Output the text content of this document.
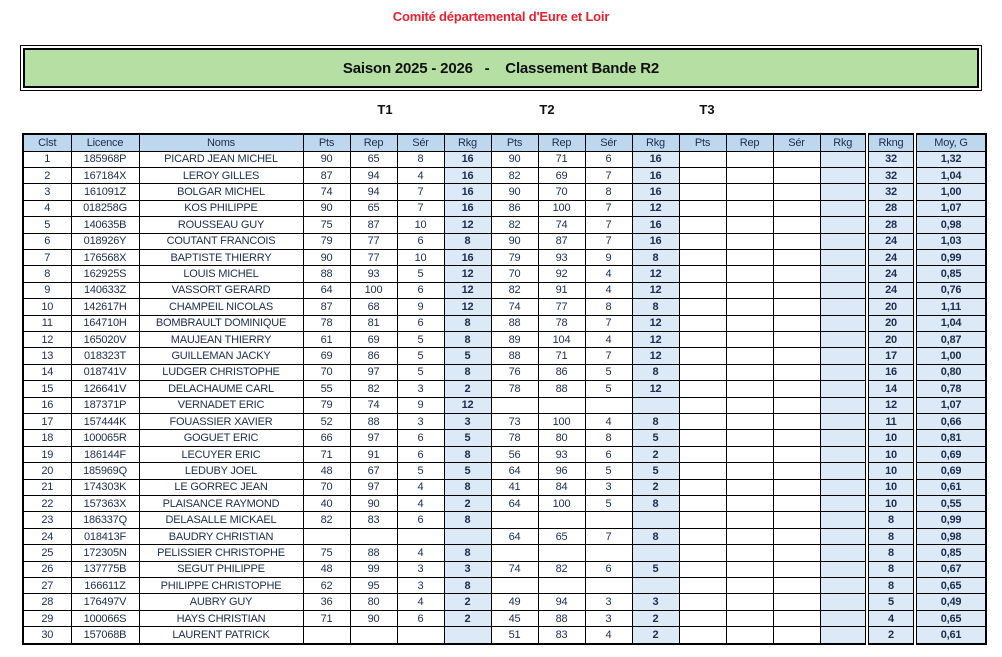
Comité départemental d'Eure et Loir
Saison 2025 - 2026   -    Classement Bande R2
T1	T2	T3
Clst	Licence	Noms	Pts	Rep	Sér	Rkg	Pts	Rep	Sér	Rkg	Pts	Rep	Sér	Rkg	Rkng	Moy, G
1	185968P	PICARD JEAN MICHEL	90	65	8	16	90	71	6	16					32	1,32
2	167184X	LEROY GILLES	87	94	4	16	82	69	7	16					32	1,04
3	161091Z	BOLGAR MICHEL	74	94	7	16	90	70	8	16					32	1,00
4	018258G	KOS PHILIPPE	90	65	7	16	86	100	7	12					28	1,07
5	140635B	ROUSSEAU GUY	75	87	10	12	82	74	7	16					28	0,98
6	018926Y	COUTANT FRANCOIS	79	77	6	8	90	87	7	16					24	1,03
7	176568X	BAPTISTE THIERRY	90	77	10	16	79	93	9	8					24	0,99
8	162925S	LOUIS MICHEL	88	93	5	12	70	92	4	12					24	0,85
9	140633Z	VASSORT GERARD	64	100	6	12	82	91	4	12					24	0,76
10	142617H	CHAMPEIL NICOLAS	87	68	9	12	74	77	8	8					20	1,11
11	164710H	BOMBRAULT DOMINIQUE	78	81	6	8	88	78	7	12					20	1,04
12	165020V	MAUJEAN THIERRY	61	69	5	8	89	104	4	12					20	0,87
13	018323T	GUILLEMAN JACKY	69	86	5	5	88	71	7	12					17	1,00
14	018741V	LUDGER CHRISTOPHE	70	97	5	8	76	86	5	8					16	0,80
15	126641V	DELACHAUME CARL	55	82	3	2	78	88	5	12					14	0,78
16	187371P	VERNADET ERIC	79	74	9	12									12	1,07
17	157444K	FOUASSIER XAVIER	52	88	3	3	73	100	4	8					11	0,66
18	100065R	GOGUET ERIC	66	97	6	5	78	80	8	5					10	0,81
19	186144F	LECUYER ERIC	71	91	6	8	56	93	6	2					10	0,69
20	185969Q	LEDUBY JOEL	48	67	5	5	64	96	5	5					10	0,69
21	174303K	LE GORREC JEAN	70	97	4	8	41	84	3	2					10	0,61
22	157363X	PLAISANCE RAYMOND	40	90	4	2	64	100	5	8					10	0,55
23	186337Q	DELASALLE MICKAEL	82	83	6	8									8	0,99
24	018413F	BAUDRY CHRISTIAN					64	65	7	8					8	0,98
25	172305N	PELISSIER CHRISTOPHE	75	88	4	8									8	0,85
26	137775B	SEGUT PHILIPPE	48	99	3	3	74	82	6	5					8	0,67
27	166611Z	PHILIPPE CHRISTOPHE	62	95	3	8									8	0,65
28	176497V	AUBRY GUY	36	80	4	2	49	94	3	3					5	0,49
29	100066S	HAYS CHRISTIAN	71	90	6	2	45	88	3	2					4	0,65
30	157068B	LAURENT PATRICK					51	83	4	2					2	0,61
